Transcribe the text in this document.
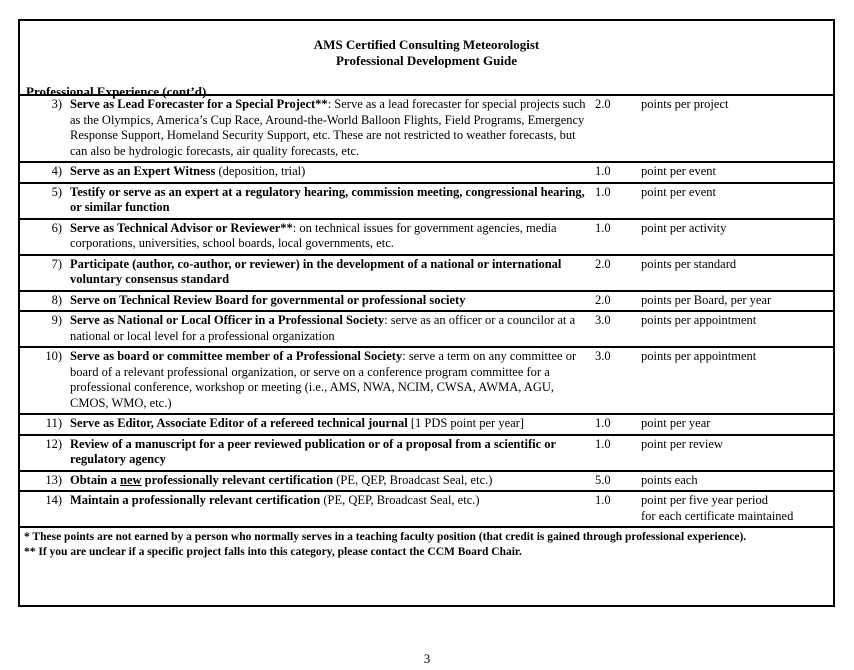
AMS Certified Consulting Meteorologist
Professional Development Guide
Professional Experience (cont’d)
3)	Serve as Lead Forecaster for a Special Project**: Serve as a lead forecaster for special projects such as the Olympics, America’s Cup Race, Around-the-World Balloon Flights, Field Programs, Emergency Response Support, Homeland Security Support, etc. These are not restricted to weather forecasts, but can also be hydrologic forecasts, air quality forecasts, etc.	2.0	points per project

4)	Serve as an Expert Witness (deposition, trial)	1.0	point per event

5)	Testify or serve as an expert at a regulatory hearing, commission meeting, congressional hearing, or similar function	1.0	point per event

6)	Serve as Technical Advisor or Reviewer**: on technical issues for government agencies, media corporations, universities, school boards, local governments, etc.	1.0	point per activity

7)	Participate (author, co-author, or reviewer) in the development of a national or international voluntary consensus standard	2.0	points per standard

8)	Serve on Technical Review Board for governmental or professional society	2.0	points per Board, per year

9)	Serve as National or Local Officer in a Professional Society: serve as an officer or a councilor at a national or local level for a professional organization	3.0	points per appointment

10)	Serve as board or committee member of a Professional Society: serve a term on any committee or board of a relevant professional organization, or serve on a conference program committee for a professional conference, workshop or meeting (i.e., AMS, NWA, NCIM, CWSA, AWMA, AGU, CMOS, WMO, etc.)	3.0	points per appointment

11)	Serve as Editor, Associate Editor of a refereed technical journal [1 PDS point per year]	1.0	point per year

12)	Review of a manuscript for a peer reviewed publication or of a proposal from a scientific or regulatory agency	1.0	point per review

13)	Obtain a new professionally relevant certification (PE, QEP, Broadcast Seal, etc.)	5.0	points each

14)	Maintain a professionally relevant certification (PE, QEP, Broadcast Seal, etc.)	1.0	point per five year period
for each certificate maintained
* These points are not earned by a person who normally serves in a teaching faculty position (that credit is gained through professional experience).
** If you are unclear if a specific project falls into this category, please contact the CCM Board Chair.
3
